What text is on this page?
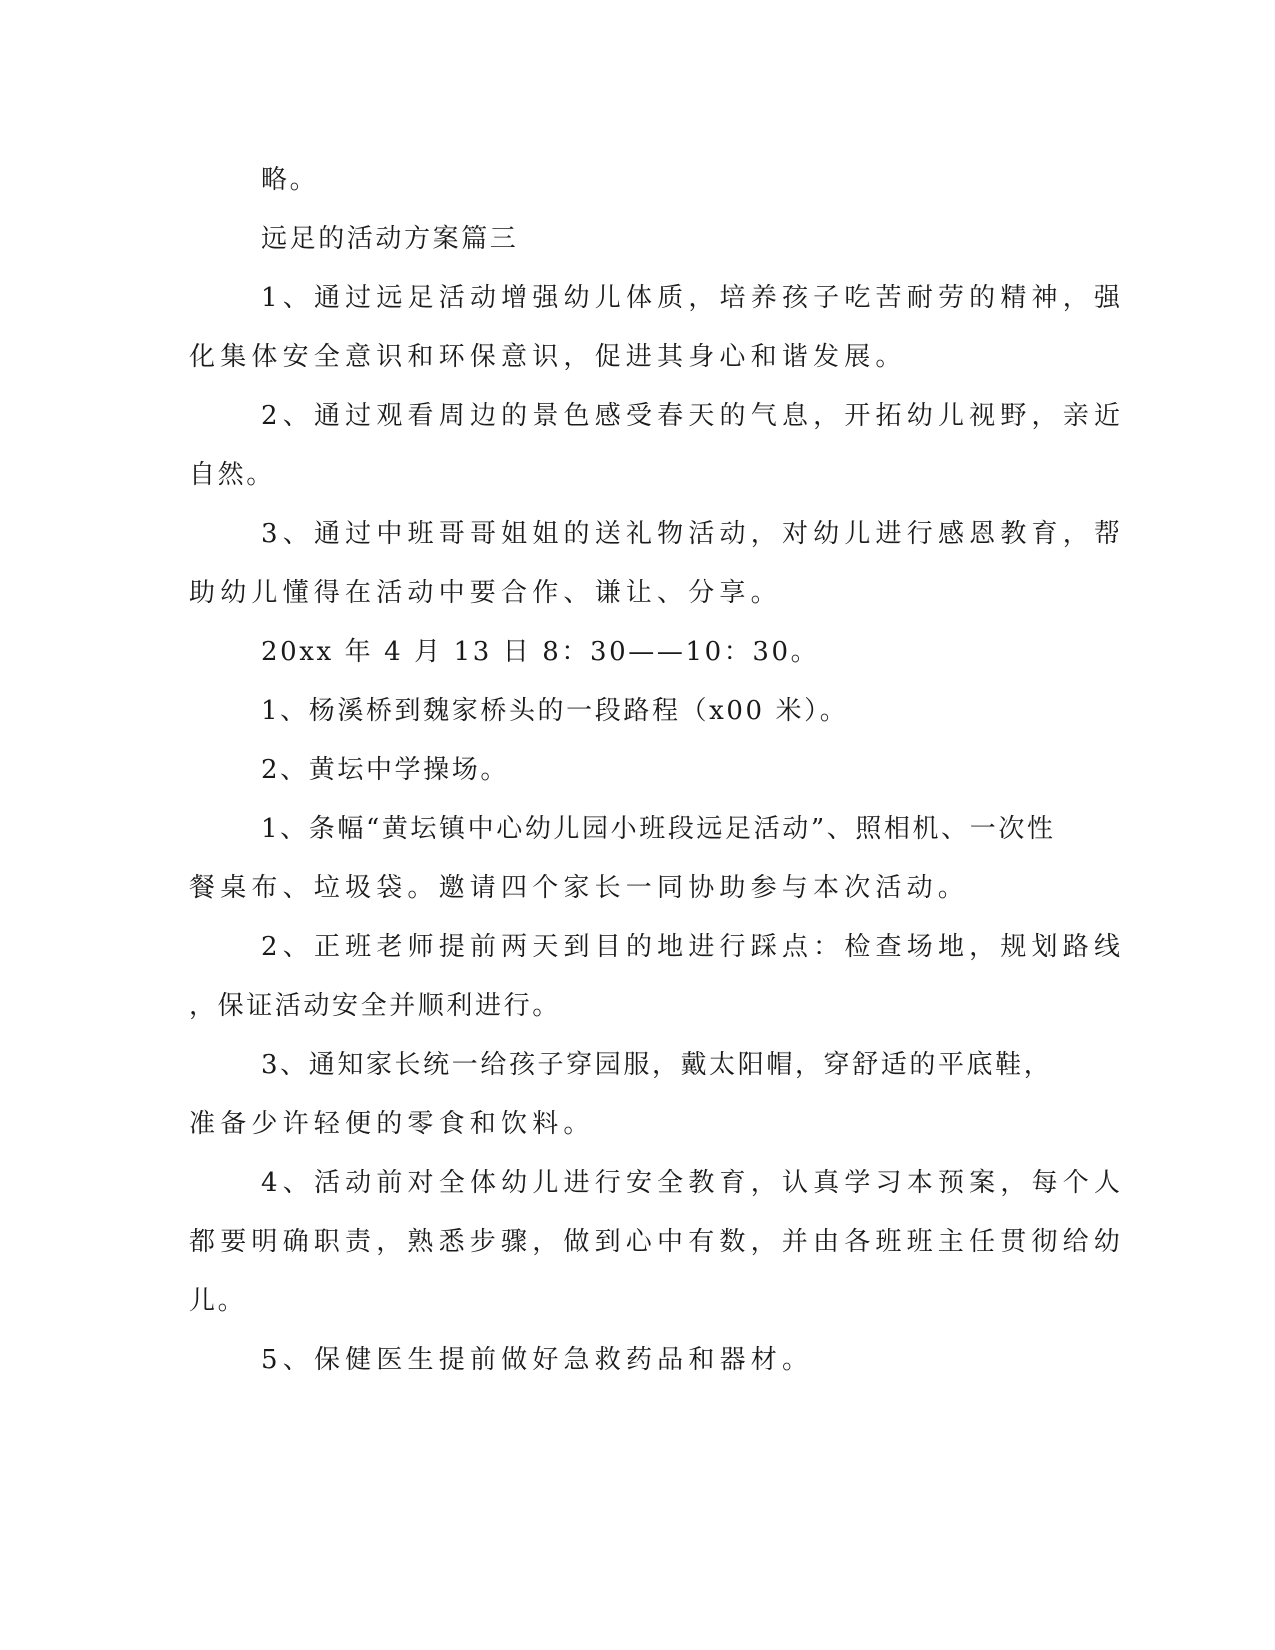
略。
远足的活动方案篇三
1、通过远足活动增强幼儿体质，培养孩子吃苦耐劳的精神，强
化集体安全意识和环保意识，促进其身心和谐发展。
2、通过观看周边的景色感受春天的气息，开拓幼儿视野，亲近
自然。
3、通过中班哥哥姐姐的送礼物活动，对幼儿进行感恩教育，帮
助幼儿懂得在活动中要合作、谦让、分享。
20xx 年 4 月 13 日 8：30——10：30。
1、杨溪桥到魏家桥头的一段路程（x00 米）。
2、黄坛中学操场。
1、条幅“黄坛镇中心幼儿园小班段远足活动”、照相机、一次性
餐桌布、垃圾袋。邀请四个家长一同协助参与本次活动。
2、正班老师提前两天到目的地进行踩点：检查场地，规划路线
，保证活动安全并顺利进行。
3、通知家长统一给孩子穿园服，戴太阳帽，穿舒适的平底鞋，
准备少许轻便的零食和饮料。
4、活动前对全体幼儿进行安全教育，认真学习本预案，每个人
都要明确职责，熟悉步骤，做到心中有数，并由各班班主任贯彻给幼
儿。
5、保健医生提前做好急救药品和器材。
